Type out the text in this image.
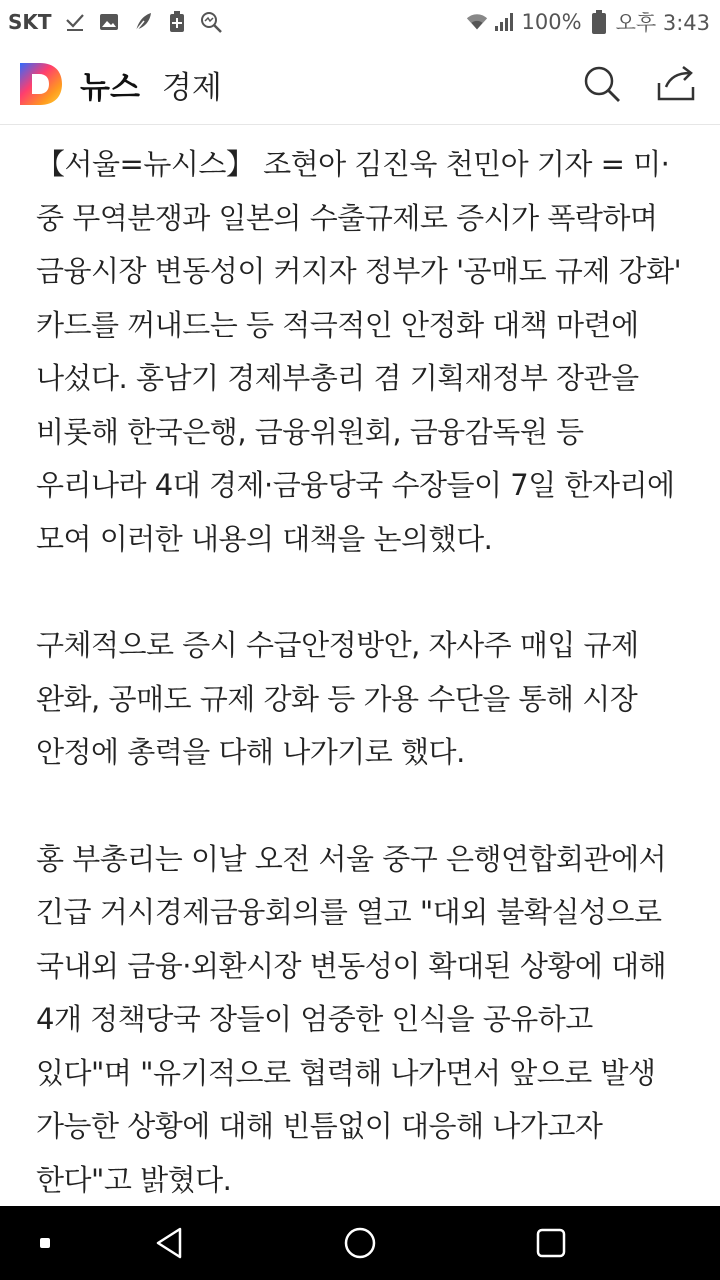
SKT	100% 오후 3:43
뉴스 경제

【서울=뉴시스】 조현아 김진욱 천민아 기자 = 미·중 무역분쟁과 일본의 수출규제로 증시가 폭락하며 금융시장 변동성이 커지자 정부가 '공매도 규제 강화' 카드를 꺼내드는 등 적극적인 안정화 대책 마련에 나섰다. 홍남기 경제부총리 겸 기획재정부 장관을 비롯해 한국은행, 금융위원회, 금융감독원 등 우리나라 4대 경제·금융당국 수장들이 7일 한자리에 모여 이러한 내용의 대책을 논의했다.

구체적으로 증시 수급안정방안, 자사주 매입 규제 완화, 공매도 규제 강화 등 가용 수단을 통해 시장 안정에 총력을 다해 나가기로 했다.

홍 부총리는 이날 오전 서울 중구 은행연합회관에서 긴급 거시경제금융회의를 열고 "대외 불확실성으로 국내외 금융·외환시장 변동성이 확대된 상황에 대해 4개 정책당국 장들이 엄중한 인식을 공유하고 있다"며 "유기적으로 협력해 나가면서 앞으로 발생 가능한 상황에 대해 빈틈없이 대응해 나가고자 한다"고 밝혔다.
